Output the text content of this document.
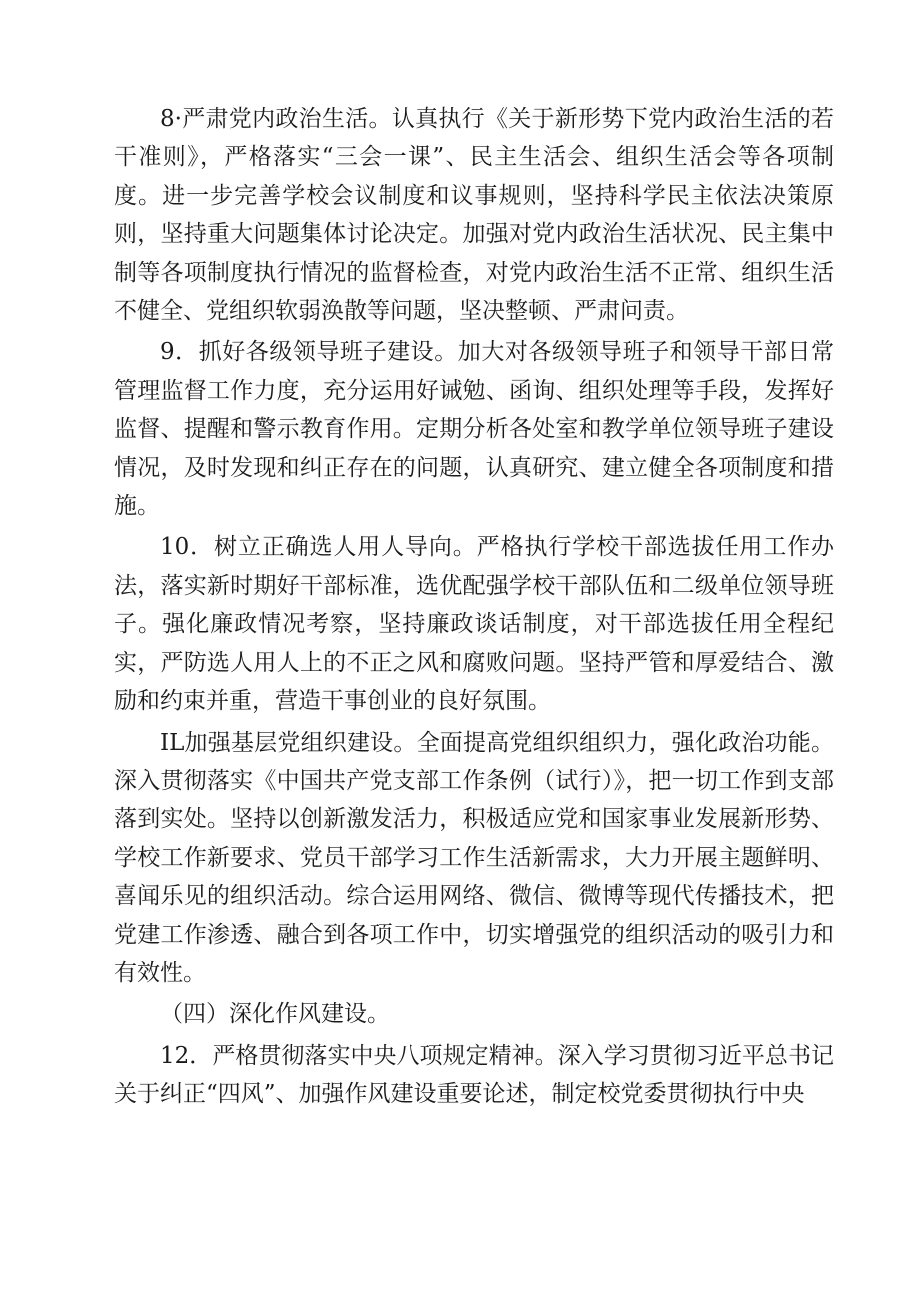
8·严肃党内政治生活。认真执行《关于新形势下党内政治生活的若干准则》，严格落实“三会一课”、民主生活会、组织生活会等各项制度。进一步完善学校会议制度和议事规则，坚持科学民主依法决策原则，坚持重大问题集体讨论决定。加强对党内政治生活状况、民主集中制等各项制度执行情况的监督检查，对党内政治生活不正常、组织生活不健全、党组织软弱涣散等问题，坚决整顿、严肃问责。

9．抓好各级领导班子建设。加大对各级领导班子和领导干部日常管理监督工作力度，充分运用好诫勉、函询、组织处理等手段，发挥好监督、提醒和警示教育作用。定期分析各处室和教学单位领导班子建设情况，及时发现和纠正存在的问题，认真研究、建立健全各项制度和措施。

10．树立正确选人用人导向。严格执行学校干部选拔任用工作办法，落实新时期好干部标准，选优配强学校干部队伍和二级单位领导班子。强化廉政情况考察，坚持廉政谈话制度，对干部选拔任用全程纪实，严防选人用人上的不正之风和腐败问题。坚持严管和厚爱结合、激励和约束并重，营造干事创业的良好氛围。

IL加强基层党组织建设。全面提高党组织组织力，强化政治功能。深入贯彻落实《中国共产党支部工作条例（试行）》，把一切工作到支部落到实处。坚持以创新激发活力，积极适应党和国家事业发展新形势、学校工作新要求、党员干部学习工作生活新需求，大力开展主题鲜明、喜闻乐见的组织活动。综合运用网络、微信、微博等现代传播技术，把党建工作渗透、融合到各项工作中，切实增强党的组织活动的吸引力和有效性。

（四）深化作风建设。

12．严格贯彻落实中央八项规定精神。深入学习贯彻习近平总书记关于纠正“四风”、加强作风建设重要论述，制定校党委贯彻执行中央
